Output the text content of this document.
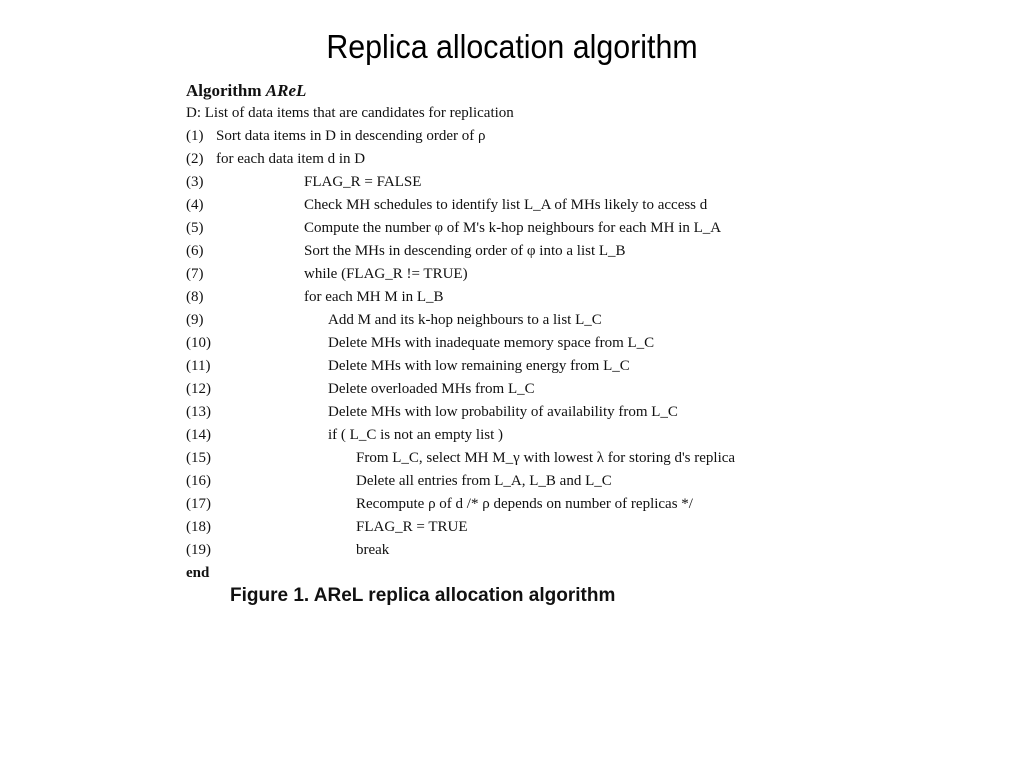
Replica allocation algorithm
Algorithm AReL
D: List of data items that are candidates for replication
(1) Sort data items in D in descending order of ρ
(2) for each data item d in D
(3)	FLAG_R = FALSE
(4)	Check MH schedules to identify list L_A of MHs likely to access d
(5)	Compute the number φ of M's k-hop neighbours for each MH in L_A
(6)	Sort the MHs in descending order of φ into a list L_B
(7)	while (FLAG_R != TRUE)
(8)	for each MH M in L_B
(9)	Add M and its k-hop neighbours to a list L_C
(10)	Delete MHs with inadequate memory space from L_C
(11)	Delete MHs with low remaining energy from L_C
(12)	Delete overloaded MHs from L_C
(13)	Delete MHs with low probability of availability from L_C
(14)	if ( L_C is not an empty list )
(15)	From L_C, select MH M_γ with lowest λ for storing d's replica
(16)	Delete all entries from L_A, L_B and L_C
(17)	Recompute ρ of d /* ρ depends on number of replicas */
(18)	FLAG_R = TRUE
(19)	break
end
Figure 1. AReL replica allocation algorithm
